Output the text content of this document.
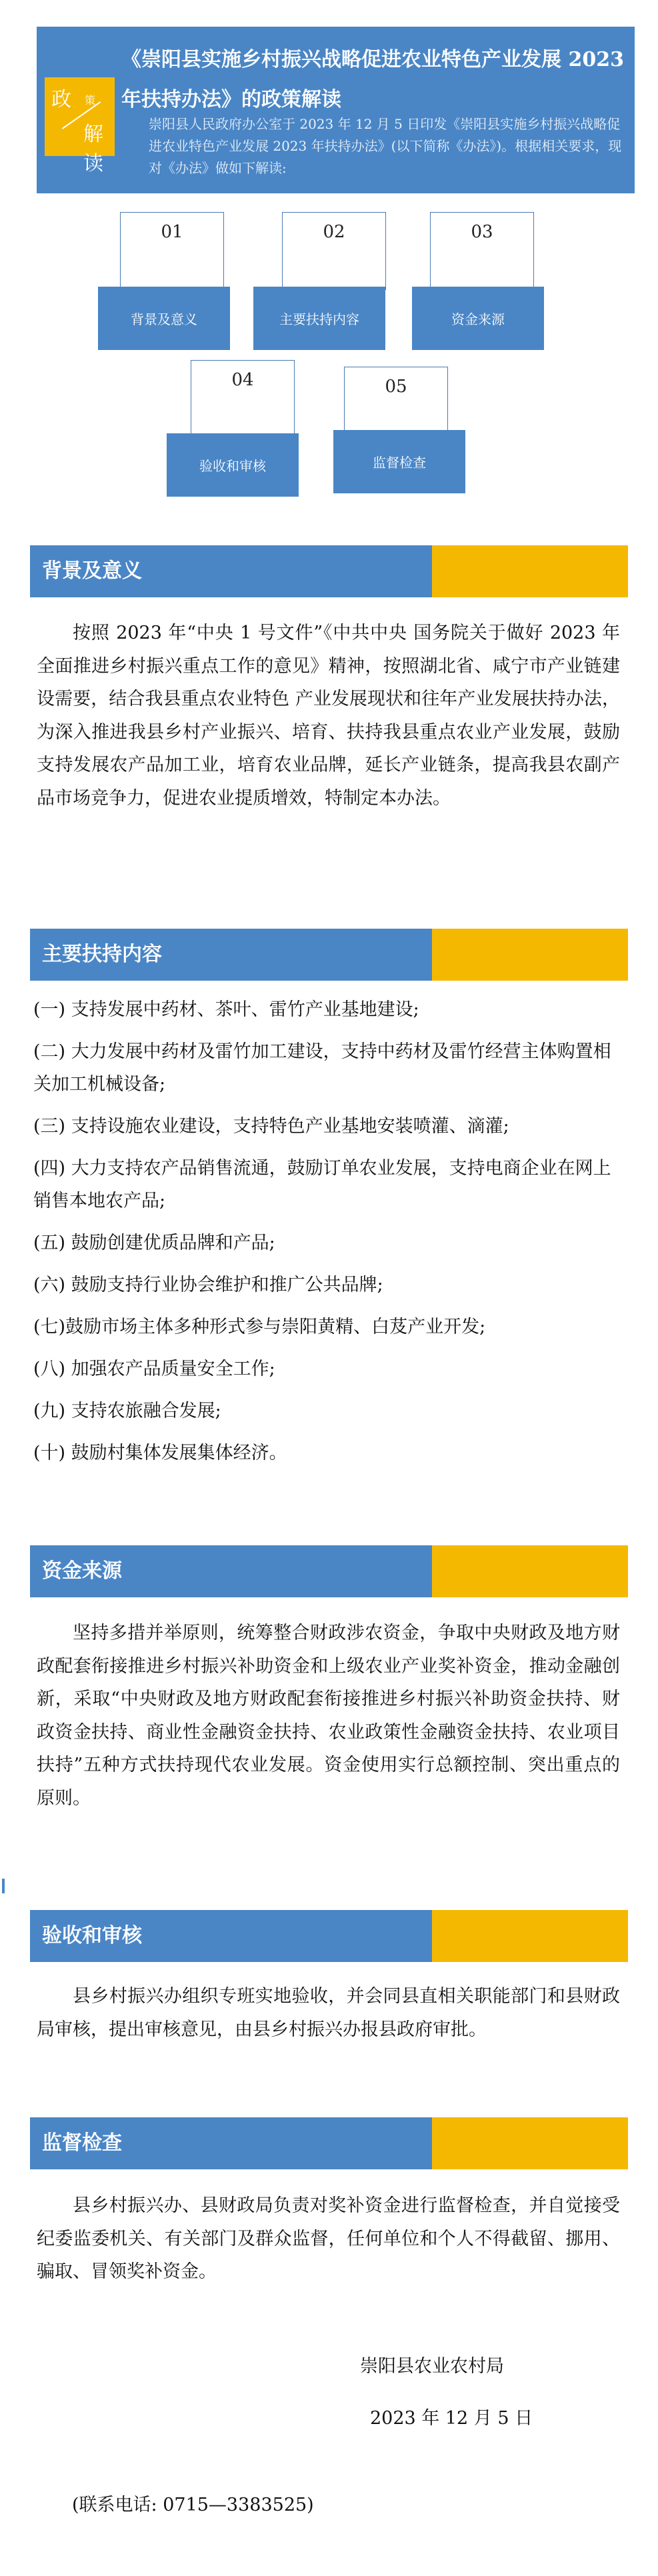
政 策
解读
《崇阳县实施乡村振兴战略促进农业特色产业发展 2023 年扶持办法》的政策解读
崇阳县人民政府办公室于 2023 年 12 月 5 日印发《崇阳县实施乡村振兴战略促进农业特色产业发展 2023 年扶持办法》(以下简称《办法》)。根据相关要求，现对《办法》做如下解读:
01	02	03
04	05
背景及意义	主要扶持内容	资金来源
验收和审核	监督检查
背景及意义
按照 2023 年“中央 1 号文件”《中共中央 国务院关于做好 2023 年全面推进乡村振兴重点工作的意见》精神，按照湖北省、咸宁市产业链建设需要，结合我县重点农业特色 产业发展现状和往年产业发展扶持办法，为深入推进我县乡村产业振兴、培育、扶持我县重点农业产业发展，鼓励支持发展农产品加工业，培育农业品牌，延长产业链条，提高我县农副产品市场竞争力，促进农业提质增效，特制定本办法。
主要扶持内容
(一) 支持发展中药材、茶叶、雷竹产业基地建设;
(二) 大力发展中药材及雷竹加工建设，支持中药材及雷竹经营主体购置相关加工机械设备;
(三) 支持设施农业建设，支持特色产业基地安装喷灌、滴灌;
(四) 大力支持农产品销售流通，鼓励订单农业发展，支持电商企业在网上销售本地农产品;
(五) 鼓励创建优质品牌和产品;
(六) 鼓励支持行业协会维护和推广公共品牌;
(七)鼓励市场主体多种形式参与崇阳黄精、白芨产业开发;
(八) 加强农产品质量安全工作;
(九) 支持农旅融合发展;
(十) 鼓励村集体发展集体经济。
资金来源
坚持多措并举原则，统筹整合财政涉农资金，争取中央财政及地方财政配套衔接推进乡村振兴补助资金和上级农业产业奖补资金，推动金融创新，采取“中央财政及地方财政配套衔接推进乡村振兴补助资金扶持、财政资金扶持、商业性金融资金扶持、农业政策性金融资金扶持、农业项目扶持”五种方式扶持现代农业发展。资金使用实行总额控制、突出重点的原则。
验收和审核
县乡村振兴办组织专班实地验收，并会同县直相关职能部门和县财政局审核，提出审核意见，由县乡村振兴办报县政府审批。
监督检查
县乡村振兴办、县财政局负责对奖补资金进行监督检查，并自觉接受纪委监委机关、有关部门及群众监督，任何单位和个人不得截留、挪用、骗取、冒领奖补资金。
崇阳县农业农村局
2023 年 12 月 5 日
(联系电话: 0715—3383525)
